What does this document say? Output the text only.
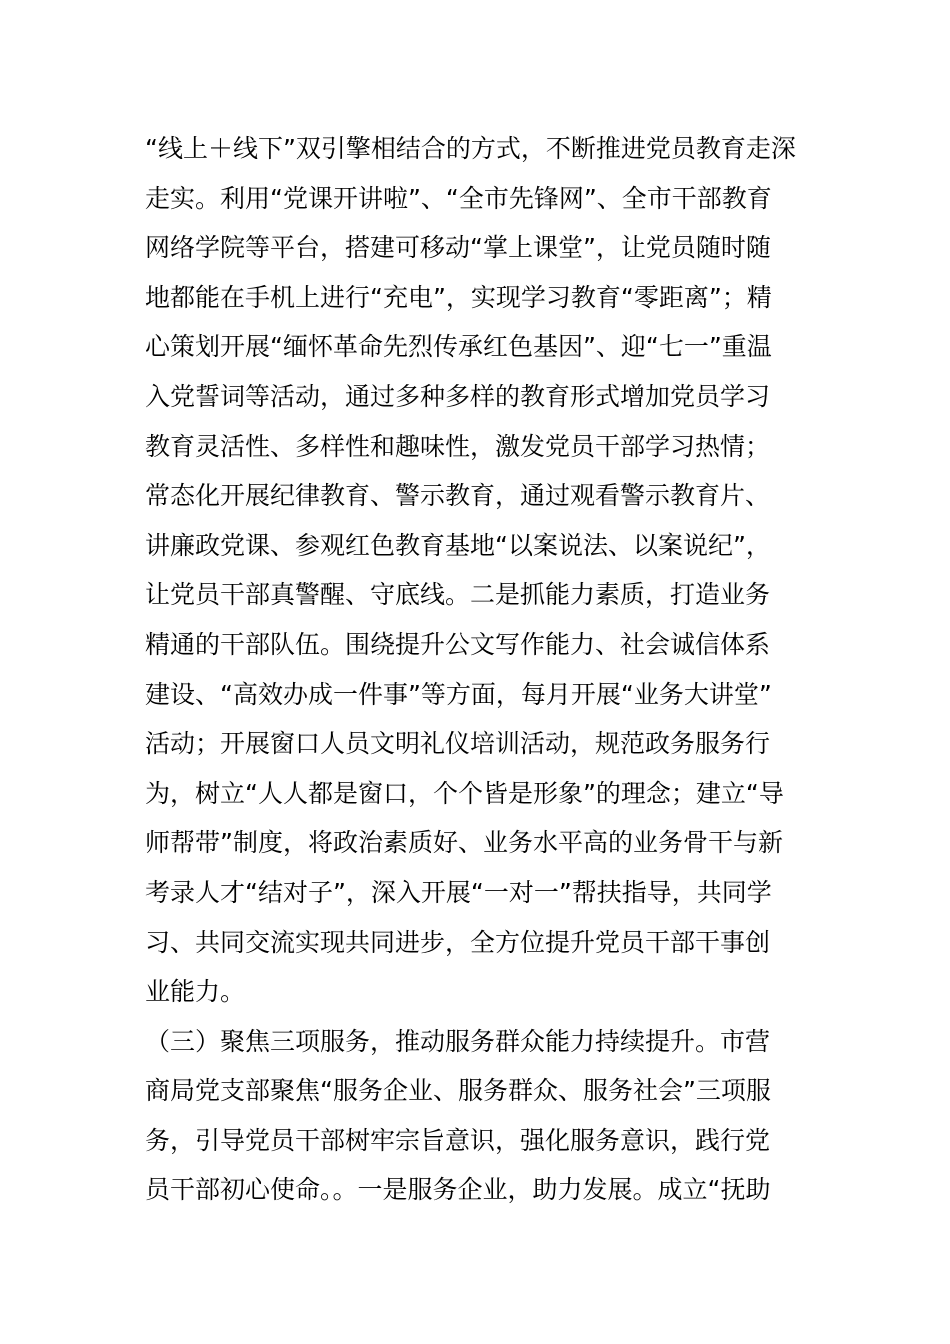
“线上＋线下”双引擎相结合的方式，不断推进党员教育走深
走实。利用“党课开讲啦”、“全市先锋网”、全市干部教育
网络学院等平台，搭建可移动“掌上课堂”，让党员随时随
地都能在手机上进行“充电”，实现学习教育“零距离”；精
心策划开展“缅怀革命先烈传承红色基因”、迎“七一”重温
入党誓词等活动，通过多种多样的教育形式增加党员学习
教育灵活性、多样性和趣味性，激发党员干部学习热情；
常态化开展纪律教育、警示教育，通过观看警示教育片、
讲廉政党课、参观红色教育基地“以案说法、以案说纪”，
让党员干部真警醒、守底线。二是抓能力素质，打造业务
精通的干部队伍。围绕提升公文写作能力、社会诚信体系
建设、“高效办成一件事”等方面，每月开展“业务大讲堂”
活动；开展窗口人员文明礼仪培训活动，规范政务服务行
为，树立“人人都是窗口，个个皆是形象”的理念；建立“导
师帮带”制度，将政治素质好、业务水平高的业务骨干与新
考录人才“结对子”，深入开展“一对一”帮扶指导，共同学
习、共同交流实现共同进步，全方位提升党员干部干事创
业能力。
（三）聚焦三项服务，推动服务群众能力持续提升。市营
商局党支部聚焦“服务企业、服务群众、服务社会”三项服
务，引导党员干部树牢宗旨意识，强化服务意识，践行党
员干部初心使命。。一是服务企业，助力发展。成立“抚助
